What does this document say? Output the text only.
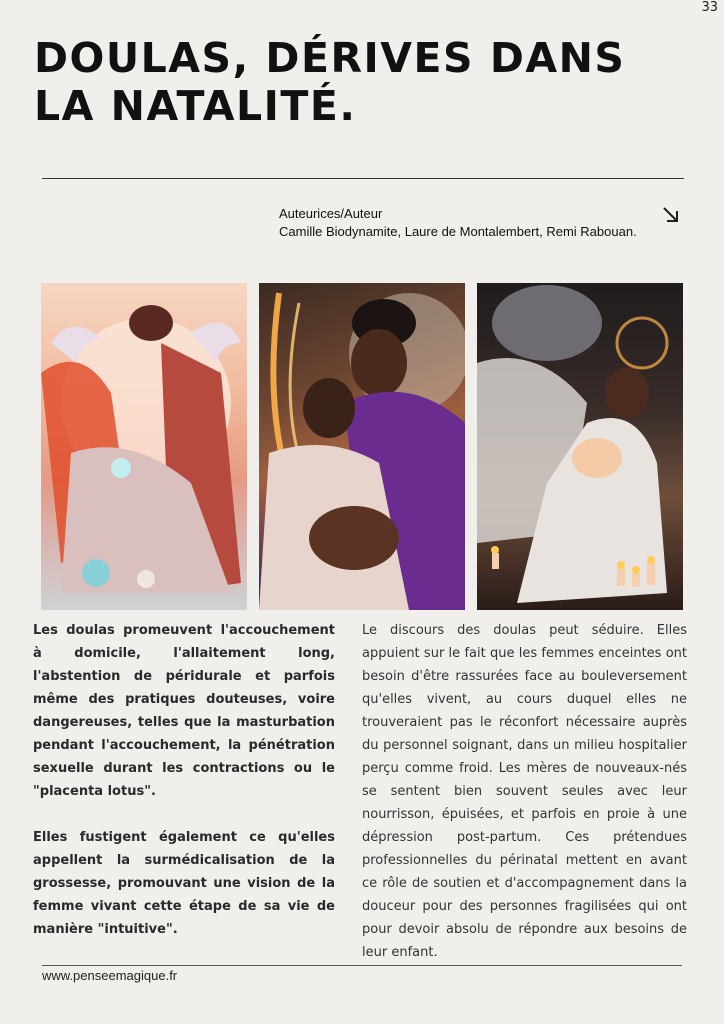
33
DOULAS, DÉRIVES DANS
LA NATALITÉ.
Auteurices/Auteur
Camille Biodynamite, Laure de Montalembert, Remi Rabouan.

Les doulas promeuvent l'accouchement à domicile, l'allaitement long, l'abstention de péridurale et parfois même des pratiques douteuses, voire dangereuses, telles que la masturbation pendant l'accouchement, la pénétration sexuelle durant les contractions ou le "placenta lotus".

Elles fustigent également ce qu'elles appellent la surmédicalisation de la grossesse, promouvant une vision de la femme vivant cette étape de sa vie de manière "intuitive".

Le discours des doulas peut séduire. Elles appuient sur le fait que les femmes enceintes ont besoin d'être rassurées face au bouleversement qu'elles vivent, au cours duquel elles ne trouveraient pas le réconfort nécessaire auprès du personnel soignant, dans un milieu hospitalier perçu comme froid. Les mères de nouveaux-nés se sentent bien souvent seules avec leur nourrisson, épuisées, et parfois en proie à une dépression post-partum. Ces prétendues professionnelles du périnatal mettent en avant ce rôle de soutien et d'accompagnement dans la douceur pour des personnes fragilisées qui ont pour devoir absolu de répondre aux besoins de leur enfant.

www.penseemagique.fr
